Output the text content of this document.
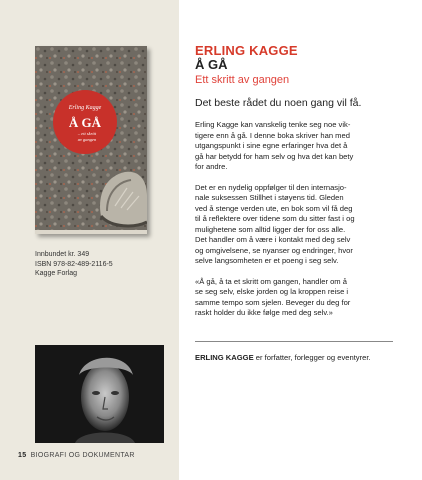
Erling Kagge
Å GÅ
– ett skritt
av gangen
Innbundet kr. 349
ISBN 978-82-489-2116-5
Kagge Forlag
15 BIOGRAFI OG DOKUMENTAR
ERLING KAGGE
Å GÅ
Ett skritt av gangen
Det beste rådet du noen gang vil få.
Erling Kagge kan vanskelig tenke seg noe vik-
tigere enn å gå. I denne boka skriver han med
utgangspunkt i sine egne erfaringer hva det å
gå har betydd for ham selv og hva det kan bety
for andre.
Det er en nydelig oppfølger til den internasjo-
nale suksessen Stillhet i støyens tid. Gleden
ved å stenge verden ute, en bok som vil få deg
til å reflektere over tidene som du sitter fast i og
mulighetene som alltid ligger der for oss alle.
Det handler om å være i kontakt med deg selv
og omgivelsene, se nyanser og endringer, hvor
selve langsomheten er et poeng i seg selv.
«Å gå, å ta et skritt om gangen, handler om å
se seg selv, elske jorden og la kroppen reise i
samme tempo som sjelen. Beveger du deg for
raskt holder du ikke følge med deg selv.»
ERLING KAGGE er forfatter, forlegger og eventyrer.
